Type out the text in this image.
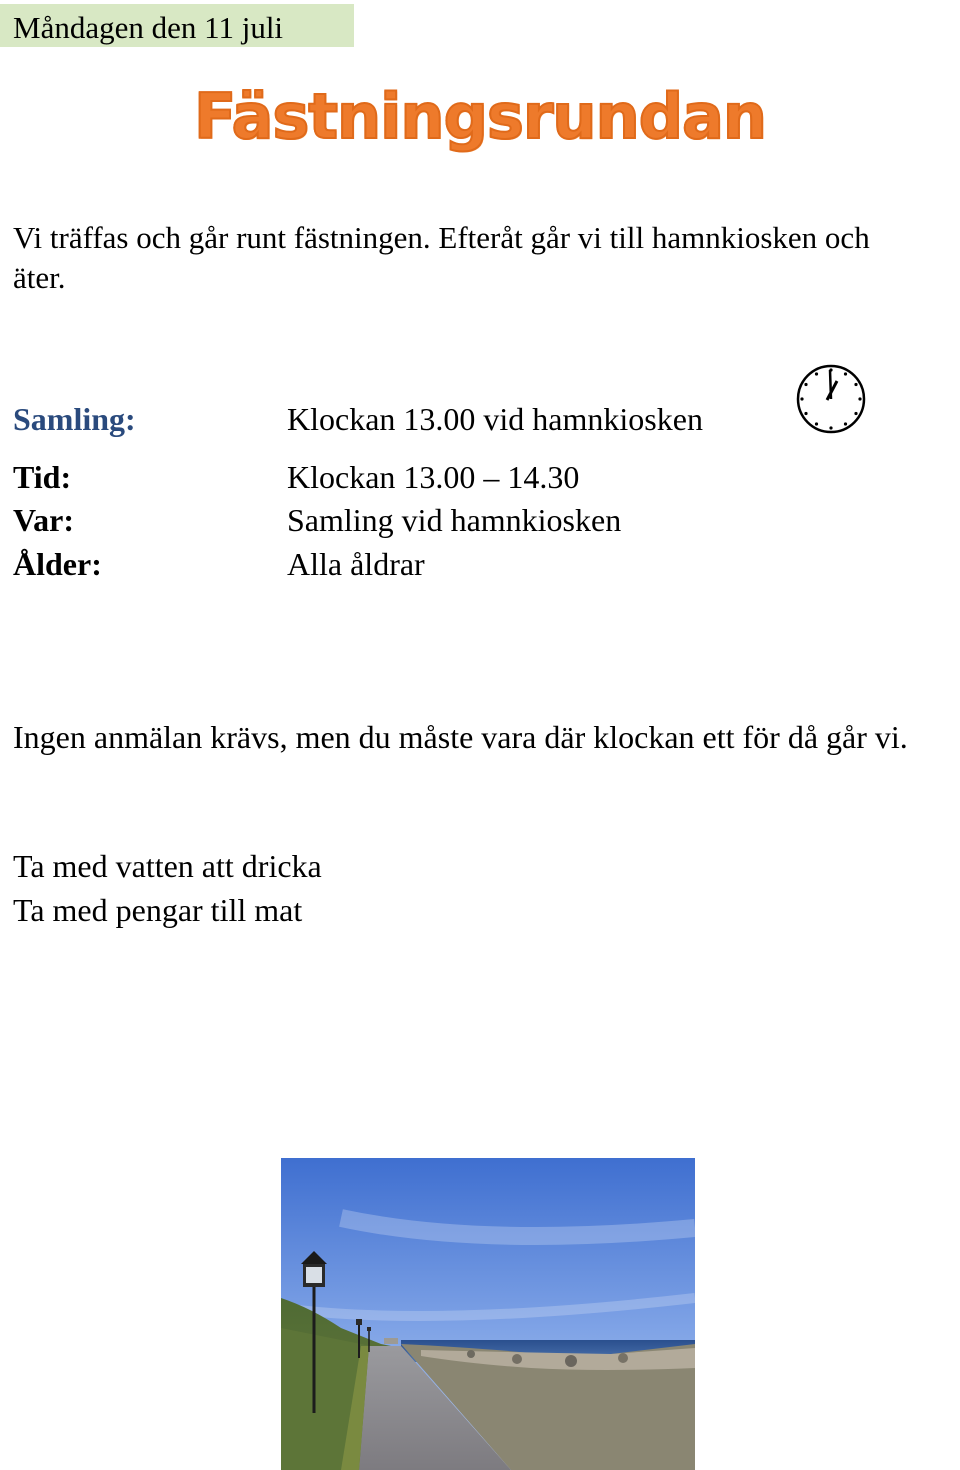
Måndagen den 11 juli
Fästningsrundan
Vi träffas och går runt fästningen. Efteråt går vi till hamnkiosken och äter.
Samling:	Klockan 13.00 vid hamnkiosken
Tid:	Klockan 13.00 – 14.30
Var:	Samling vid hamnkiosken
Ålder:	Alla åldrar
Ingen anmälan krävs, men du måste vara där klockan ett för då går vi.
Ta med vatten att dricka
Ta med pengar till mat
